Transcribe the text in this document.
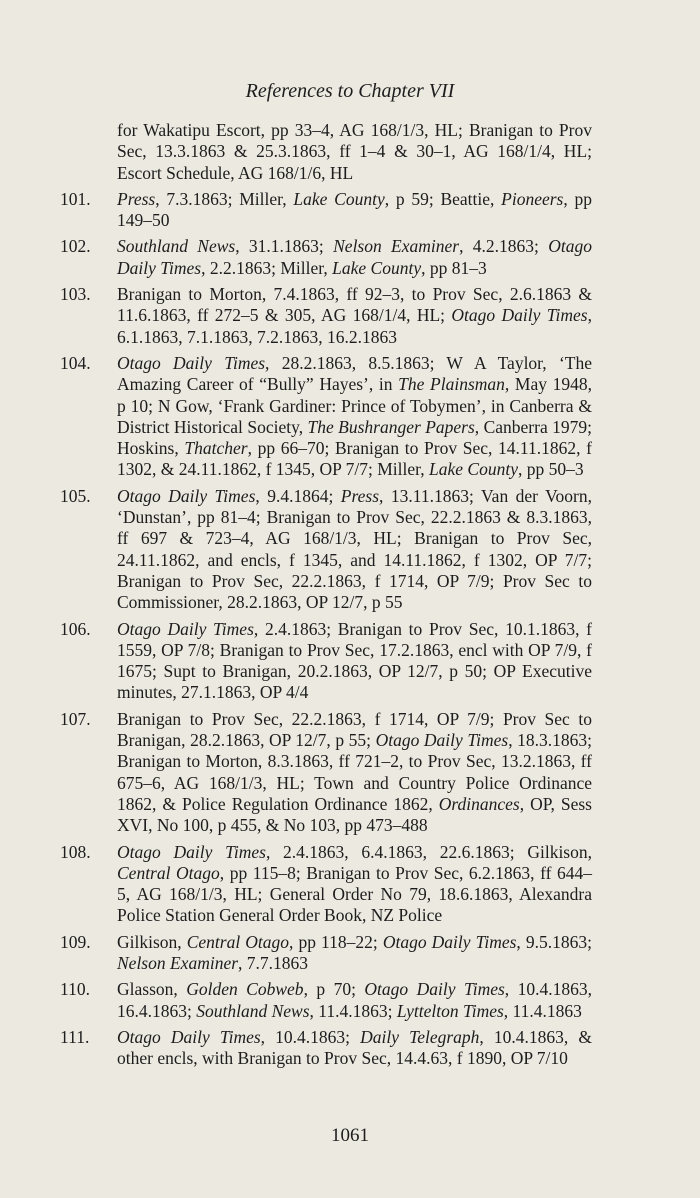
References to Chapter VII
for Wakatipu Escort, pp 33–4, AG 168/1/3, HL; Branigan to Prov Sec, 13.3.1863 & 25.3.1863, ff 1–4 & 30–1, AG 168/1/4, HL; Escort Schedule, AG 168/1/6, HL
101.	Press, 7.3.1863; Miller, Lake County, p 59; Beattie, Pioneers, pp 149–50
102.	Southland News, 31.1.1863; Nelson Examiner, 4.2.1863; Otago Daily Times, 2.2.1863; Miller, Lake County, pp 81–3
103.	Branigan to Morton, 7.4.1863, ff 92–3, to Prov Sec, 2.6.1863 & 11.6.1863, ff 272–5 & 305, AG 168/1/4, HL; Otago Daily Times, 6.1.1863, 7.1.1863, 7.2.1863, 16.2.1863
104.	Otago Daily Times, 28.2.1863, 8.5.1863; W A Taylor, ‘The Amazing Career of “Bully” Hayes’, in The Plainsman, May 1948, p 10; N Gow, ‘Frank Gardiner: Prince of Tobymen’, in Canberra & District Historical Society, The Bushranger Papers, Canberra 1979; Hoskins, Thatcher, pp 66–70; Branigan to Prov Sec, 14.11.1862, f 1302, & 24.11.1862, f 1345, OP 7/7; Miller, Lake County, pp 50–3
105.	Otago Daily Times, 9.4.1864; Press, 13.11.1863; Van der Voorn, ‘Dunstan’, pp 81–4; Branigan to Prov Sec, 22.2.1863 & 8.3.1863, ff 697 & 723–4, AG 168/1/3, HL; Branigan to Prov Sec, 24.11.1862, and encls, f 1345, and 14.11.1862, f 1302, OP 7/7; Branigan to Prov Sec, 22.2.1863, f 1714, OP 7/9; Prov Sec to Commissioner, 28.2.1863, OP 12/7, p 55
106.	Otago Daily Times, 2.4.1863; Branigan to Prov Sec, 10.1.1863, f 1559, OP 7/8; Branigan to Prov Sec, 17.2.1863, encl with OP 7/9, f 1675; Supt to Branigan, 20.2.1863, OP 12/7, p 50; OP Executive minutes, 27.1.1863, OP 4/4
107.	Branigan to Prov Sec, 22.2.1863, f 1714, OP 7/9; Prov Sec to Branigan, 28.2.1863, OP 12/7, p 55; Otago Daily Times, 18.3.1863; Branigan to Morton, 8.3.1863, ff 721–2, to Prov Sec, 13.2.1863, ff 675–6, AG 168/1/3, HL; Town and Country Police Ordinance 1862, & Police Regulation Ordinance 1862, Ordinances, OP, Sess XVI, No 100, p 455, & No 103, pp 473–488
108.	Otago Daily Times, 2.4.1863, 6.4.1863, 22.6.1863; Gilkison, Central Otago, pp 115–8; Branigan to Prov Sec, 6.2.1863, ff 644–5, AG 168/1/3, HL; General Order No 79, 18.6.1863, Alexandra Police Station General Order Book, NZ Police
109.	Gilkison, Central Otago, pp 118–22; Otago Daily Times, 9.5.1863; Nelson Examiner, 7.7.1863
110.	Glasson, Golden Cobweb, p 70; Otago Daily Times, 10.4.1863, 16.4.1863; Southland News, 11.4.1863; Lyttelton Times, 11.4.1863
111.	Otago Daily Times, 10.4.1863; Daily Telegraph, 10.4.1863, & other encls, with Branigan to Prov Sec, 14.4.63, f 1890, OP 7/10
1061
